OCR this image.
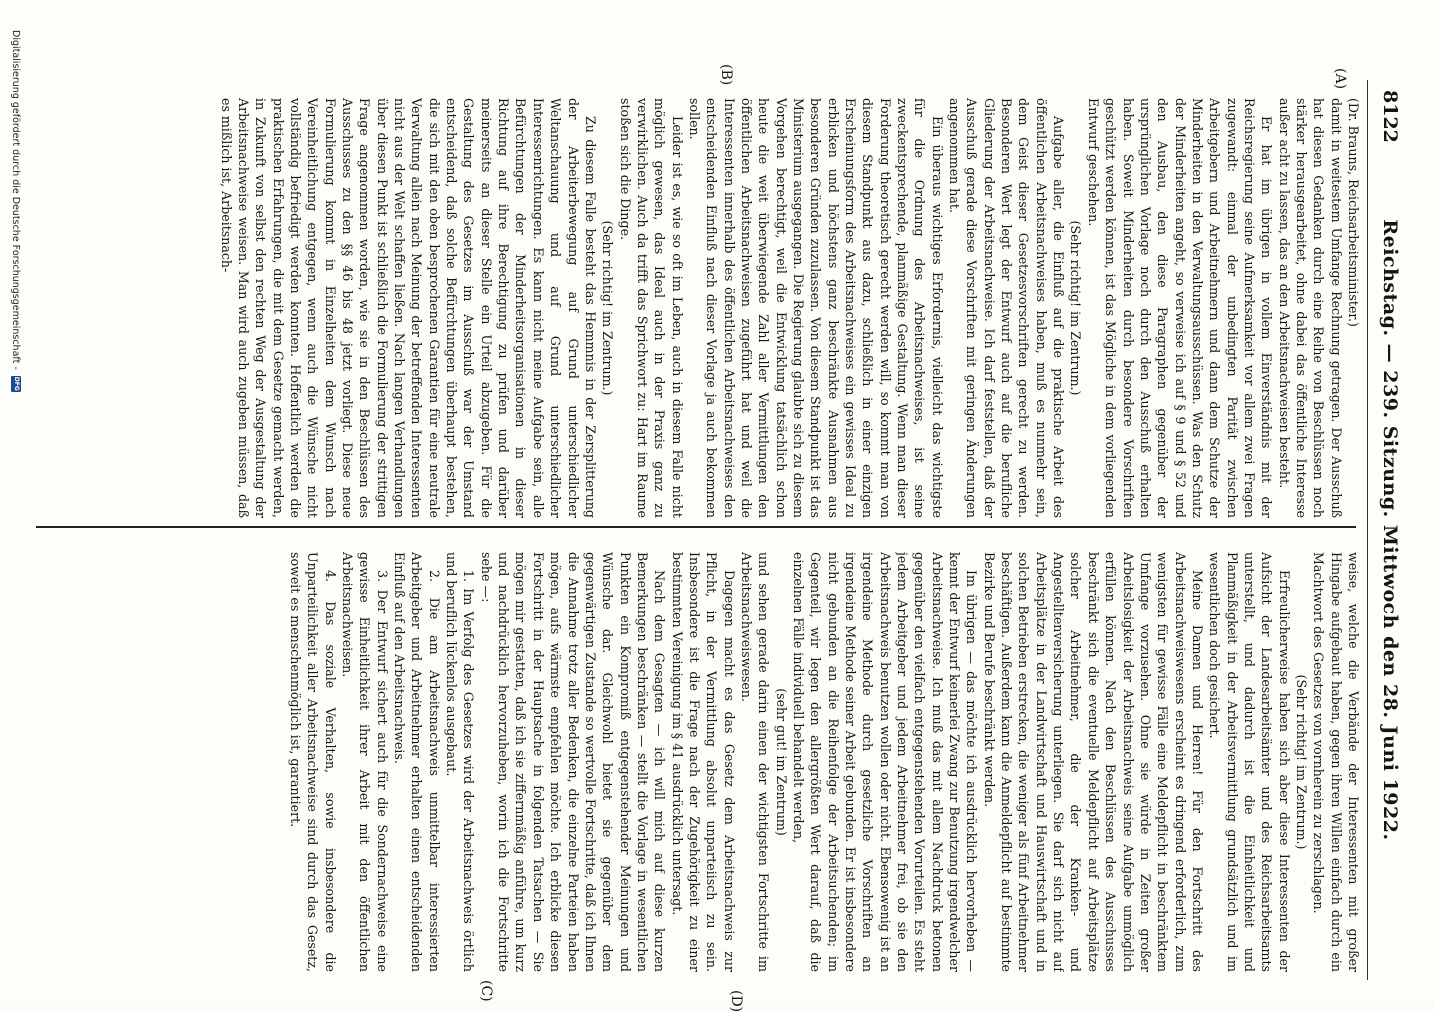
8122
Reichstag. — 239. Sitzung. Mittwoch den 28. Juni 1922.
(A)
(B)
(C)	(D)

(Dr. Brauns, Reichsarbeitsminister.)

damit in weitestem Umfange Rechnung getragen. Der Ausschuß hat diesen Gedanken durch eine Reihe von Beschlüssen noch stärker herausgearbeitet, ohne dabei das öffentliche Interesse außer acht zu lassen, das an den Arbeitsnachweisen besteht.

Er hat im übrigen in vollem Einverständnis mit der Reichsregierung seine Aufmerksamkeit vor allem zwei Fragen zugewandt: einmal der unbedingten Parität zwischen Arbeitgebern und Arbeitnehmern und dann dem Schutze der Minderheiten in den Verwaltungsausschüssen. Was den Schutz der Minderheiten angeht, so verweise ich auf § 9 und § 52 und den Ausbau, den diese Paragraphen gegenüber der ursprünglichen Vorlage noch durch den Ausschuß erhalten haben. Soweit Minderheiten durch besondere Vorschriften geschützt werden können, ist das Mögliche in dem vorliegenden Entwurf geschehen.

(Sehr richtig! im Zentrum.)

Aufgabe aller, die Einfluß auf die praktische Arbeit des öffentlichen Arbeitsnachweises haben, muß es nunmehr sein, dem Geist dieser Gesetzesvorschriften gerecht zu werden. Besonderen Wert legt der Entwurf auch auf die berufliche Gliederung der Arbeitsnachweise. Ich darf feststellen, daß der Ausschuß gerade diese Vorschriften mit geringen Änderungen angenommen hat.

Ein überaus wichtiges Erfordernis, vielleicht das wichtigste für die Ordnung des Arbeitsnachweises, ist seine zweckentsprechende, planmäßige Gestaltung. Wenn man dieser Forderung theoretisch gerecht werden will, so kommt man von diesem Standpunkt aus dazu, schließlich in einer einzigen Erscheinungsform des Arbeitsnachweises ein gewisses Ideal zu erblicken und höchstens ganz beschränkte Ausnahmen aus besonderen Gründen zuzulassen. Von diesem Standpunkt ist das Ministerium ausgegangen. Die Regierung glaubte sich zu diesem Vorgehen berechtigt, weil die Entwicklung tatsächlich schon heute die weit überwiegende Zahl aller Vermittlungen den öffentlichen Arbeitsnachweisen zugeführt hat und weil die Interessenten innerhalb des öffentlichen Arbeitsnachweises den entscheidenden Einfluß nach dieser Vorlage ja auch bekommen sollen.

Leider ist es, wie so oft im Leben, auch in diesem Falle nicht möglich gewesen, das Ideal auch in der Praxis ganz zu verwirklichen. Auch da trifft das Sprichwort zu: Hart im Raume stoßen sich die Dinge.

(Sehr richtig! im Zentrum.)

Zu diesem Falle besteht das Hemmnis in der Zersplitterung der Arbeiterbewegung auf Grund unterschiedlicher Weltanschauung und auf Grund unterschiedlicher Interessenrichtungen. Es kann nicht meine Aufgabe sein, alle Befürchtungen der Minderheitsorganisationen in dieser Richtung auf ihre Berechtigung zu prüfen und darüber meinerseits an dieser Stelle ein Urteil abzugeben. Für die Gestaltung des Gesetzes im Ausschuß war der Umstand entscheidend, daß solche Befürchtungen überhaupt bestehen, die sich mit den oben besprochenen Garantien für eine neutrale Verwaltung allein nach Meinung der betreffenden Interessenten nicht aus der Welt schaffen ließen. Nach langen Verhandlungen über diesen Punkt ist schließlich die Formulierung der strittigen Frage angenommen worden, wie sie in den Beschlüssen des Ausschusses zu den §§ 46 bis 48 jetzt vorliegt. Diese neue Formulierung kommt in Einzelheiten dem Wunsch nach Vereinheitlichung entgegen, wenn auch die Wünsche nicht vollständig befriedigt werden konnten. Hoffentlich werden die praktischen Erfahrungen, die mit dem Gesetze gemacht werden, in Zukunft von selbst den rechten Weg der Ausgestaltung der Arbeitsnachweise weisen. Man wird auch zugeben müssen, daß es mißlich ist, Arbeitsnach-

weise, welche die Verbände der Interessenten mit großer Hingabe aufgebaut haben, gegen ihren Willen einfach durch ein Machtwort des Gesetzes von vornherein zu zerschlagen.

(Sehr richtig! im Zentrum.)

Erfreulicherweise haben sich aber diese Interessenten der Aufsicht der Landesarbeitsämter und des Reichsarbeitsamts unterstellt, und dadurch ist die Einheitlichkeit und Planmäßigkeit in der Arbeitsvermittlung grundsätzlich und im wesentlichen doch gesichert.

Meine Damen und Herren! Für den Fortschritt des Arbeitsnachweiswesens erscheint es dringend erforderlich, zum wenigsten für gewisse Fälle eine Meldepflicht in beschränktem Umfange vorzusehen. Ohne sie würde in Zeiten großer Arbeitslosigkeit der Arbeitsnachweis seine Aufgabe unmöglich erfüllen können. Nach den Beschlüssen des Ausschusses beschränkt sich die eventuelle Meldepflicht auf Arbeitsplätze solcher Arbeitnehmer, die der Kranken- und Angestelltenversicherung unterliegen. Sie darf sich nicht auf Arbeitsplätze in der Landwirtschaft und Hauswirtschaft und in solchen Betrieben erstrecken, die weniger als fünf Arbeitnehmer beschäftigen. Außerdem kann die Anmeldepflicht auf bestimmte Bezirke und Berufe beschränkt werden.

Im übrigen — das möchte ich ausdrücklich hervorheben — kennt der Entwurf keinerlei Zwang zur Benutzung irgendwelcher Arbeitsnachweise. Ich muß das mit allem Nachdruck betonen gegenüber den vielfach entgegenstehenden Vorurteilen. Es steht jedem Arbeitgeber und jedem Arbeitnehmer frei, ob sie den Arbeitsnachweis benutzen wollen oder nicht. Ebensowenig ist an irgendeine Methode durch gesetzliche Vorschriften an irgendeine Methode seiner Arbeit gebunden. Er ist insbesondere nicht gebunden an die Reihenfolge der Arbeitsuchenden; im Gegenteil, wir legen den allergrößten Wert darauf, daß die einzelnen Fälle individuell behandelt werden,

(sehr gut! im Zentrum)

und sehen gerade darin einen der wichtigsten Fortschritte im Arbeitsnachweiswesen.

Dagegen macht es das Gesetz dem Arbeitsnachweis zur Pflicht, in der Vermittlung absolut unparteiisch zu sein. Insbesondere ist die Frage nach der Zugehörigkeit zu einer bestimmten Vereinigung im § 41 ausdrücklich untersagt.

Nach dem Gesagten — ich will mich auf diese kurzen Bemerkungen beschränken — stellt die Vorlage in wesentlichen Punkten ein Kompromiß entgegenstehender Meinungen und Wünsche dar. Gleichwohl bietet sie gegenüber dem gegenwärtigen Zustande so wertvolle Fortschritte, daß ich Ihnen die Annahme trotz aller Bedenken, die einzelne Parteien haben mögen, aufs wärmste empfehlen möchte. Ich erblicke diesen Fortschritt in der Hauptsache in folgenden Tatsachen — Sie mögen mir gestatten, daß ich sie ziffernmäßig anführe, um kurz und nachdrücklich hervorzuheben, worin ich die Fortschritte sehe —:

1. Im Verfolg des Gesetzes wird der Arbeitsnachweis örtlich und beruflich lückenlos ausgebaut.

2. Die am Arbeitsnachweis unmittelbar interessierten Arbeitgeber und Arbeitnehmer erhalten einen entscheidenden Einfluß auf den Arbeitsnachweis.

3. Der Entwurf sichert auch für die Sondernachweise eine gewisse Einheitlichkeit ihrer Arbeit mit den öffentlichen Arbeitsnachweisen.

4. Das soziale Verhalten, sowie insbesondere die Unparteilichkeit aller Arbeitsnachweise sind durch das Gesetz, soweit es menschenmöglich ist, garantiert.

Digitalisierung gefördert durch die Deutsche Forschungsgemeinschaft -
DFG
